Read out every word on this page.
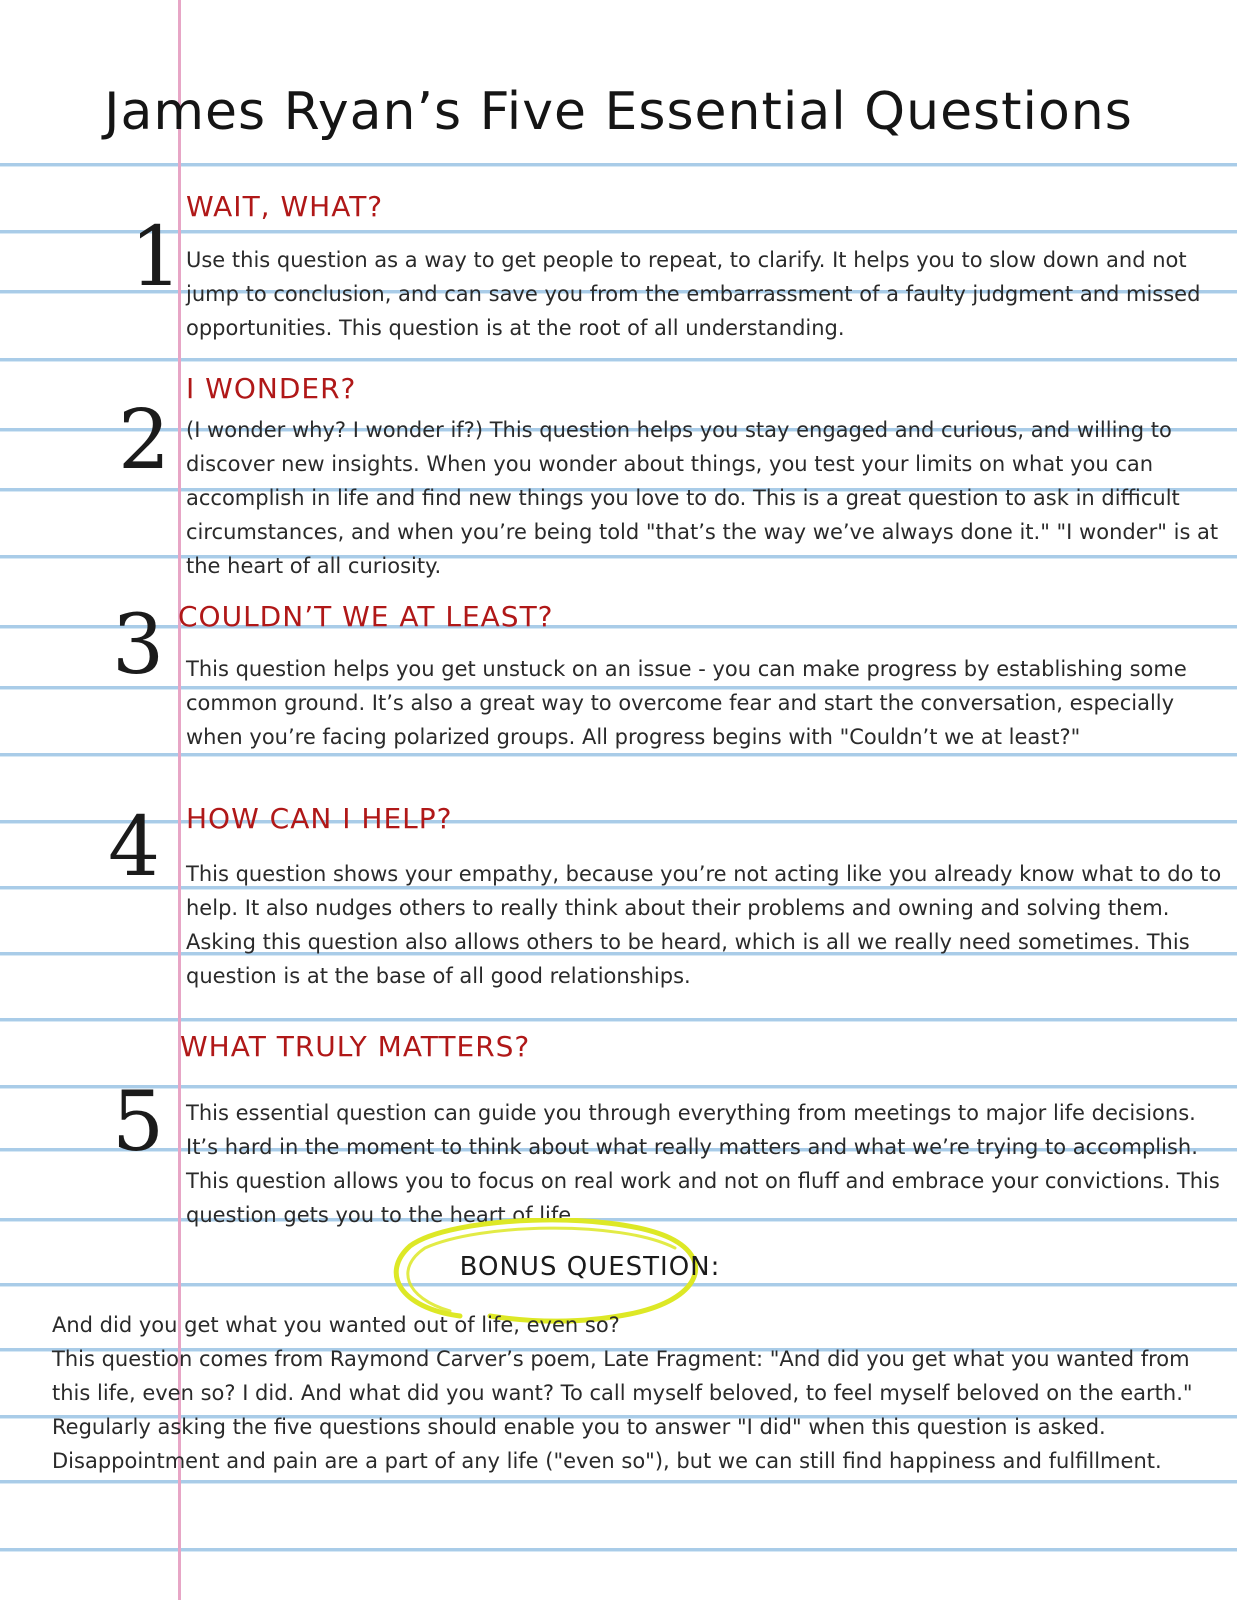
James Ryan’s Five Essential Questions
1
WAIT, WHAT?

Use this question as a way to get people to repeat, to clarify. It helps you to slow down and not jump to conclusion, and can save you from the embarrassment of a faulty judgment and missed opportunities. This question is at the root of all understanding.

2
I WONDER?

(I wonder why? I wonder if?) This question helps you stay engaged and curious, and willing to discover new insights. When you wonder about things, you test your limits on what you can accomplish in life and find new things you love to do. This is a great question to ask in difficult circumstances, and when you’re being told "that’s the way we’ve always done it." "I wonder" is at the heart of all curiosity.

3 COULDN’T WE AT LEAST?

This question helps you get unstuck on an issue - you can make progress by establishing some common ground. It’s also a great way to overcome fear and start the conversation, especially when you’re facing polarized groups. All progress begins with "Couldn’t we at least?"

4 HOW CAN I HELP?

This question shows your empathy, because you’re not acting like you already know what to do to help. It also nudges others to really think about their problems and owning and solving them. Asking this question also allows others to be heard, which is all we really need sometimes. This question is at the base of all good relationships.

5
WHAT TRULY MATTERS?

This essential question can guide you through everything from meetings to major life decisions. It’s hard in the moment to think about what really matters and what we’re trying to accomplish. This question allows you to focus on real work and not on fluff and embrace your convictions. This question gets you to the heart of life.

BONUS QUESTION:
And did you get what you wanted out of life, even so?
This question comes from Raymond Carver’s poem, Late Fragment: "And did you get what you wanted from this life, even so? I did. And what did you want? To call myself beloved, to feel myself beloved on the earth."
Regularly asking the five questions should enable you to answer "I did" when this question is asked. Disappointment and pain are a part of any life ("even so"), but we can still find happiness and fulfillment.
